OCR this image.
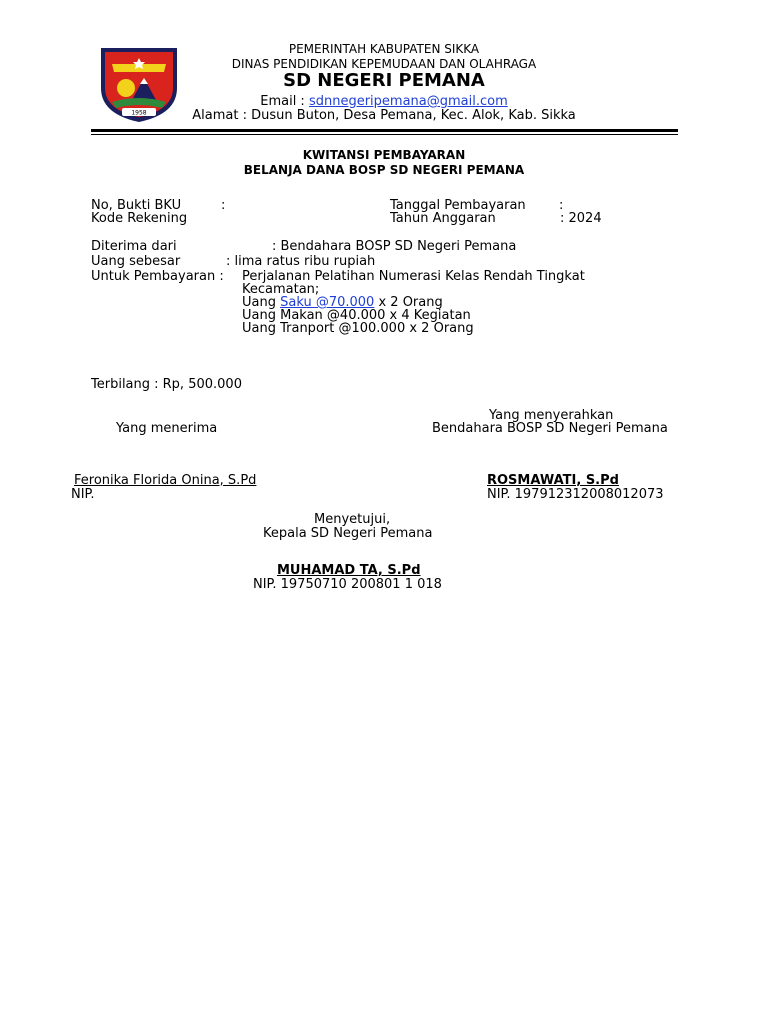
1958
PEMERINTAH KABUPATEN SIKKA
DINAS PENDIDIKAN KEPEMUDAAN DAN OLAHRAGA
SD NEGERI PEMANA
Email : sdnnegeripemana@gmail.com
Alamat : Dusun Buton, Desa Pemana, Kec. Alok, Kab. Sikka
KWITANSI PEMBAYARAN
BELANJA DANA BOSP SD NEGERI PEMANA
No, Bukti BKU	:
Kode Rekening
Tanggal Pembayaran	:
Tahun Anggaran	: 2024
Diterima dari	: Bendahara BOSP SD Negeri Pemana
Uang sebesar	: lima ratus ribu rupiah
Untuk Pembayaran : Perjalanan Pelatihan Numerasi Kelas Rendah Tingkat
Kecamatan;
Uang Saku @70.000 x 2 Orang
Uang Makan @40.000 x 4 Kegiatan
Uang Tranport @100.000 x 2 Orang
Terbilang : Rp, 500.000
Yang menerima
Feronika Florida Onina, S.Pd
NIP.
Yang menyerahkan
Bendahara BOSP SD Negeri Pemana
ROSMAWATI, S.Pd
NIP. 197912312008012073
Menyetujui,
Kepala SD Negeri Pemana
MUHAMAD TA, S.Pd
NIP. 19750710 200801 1 018
